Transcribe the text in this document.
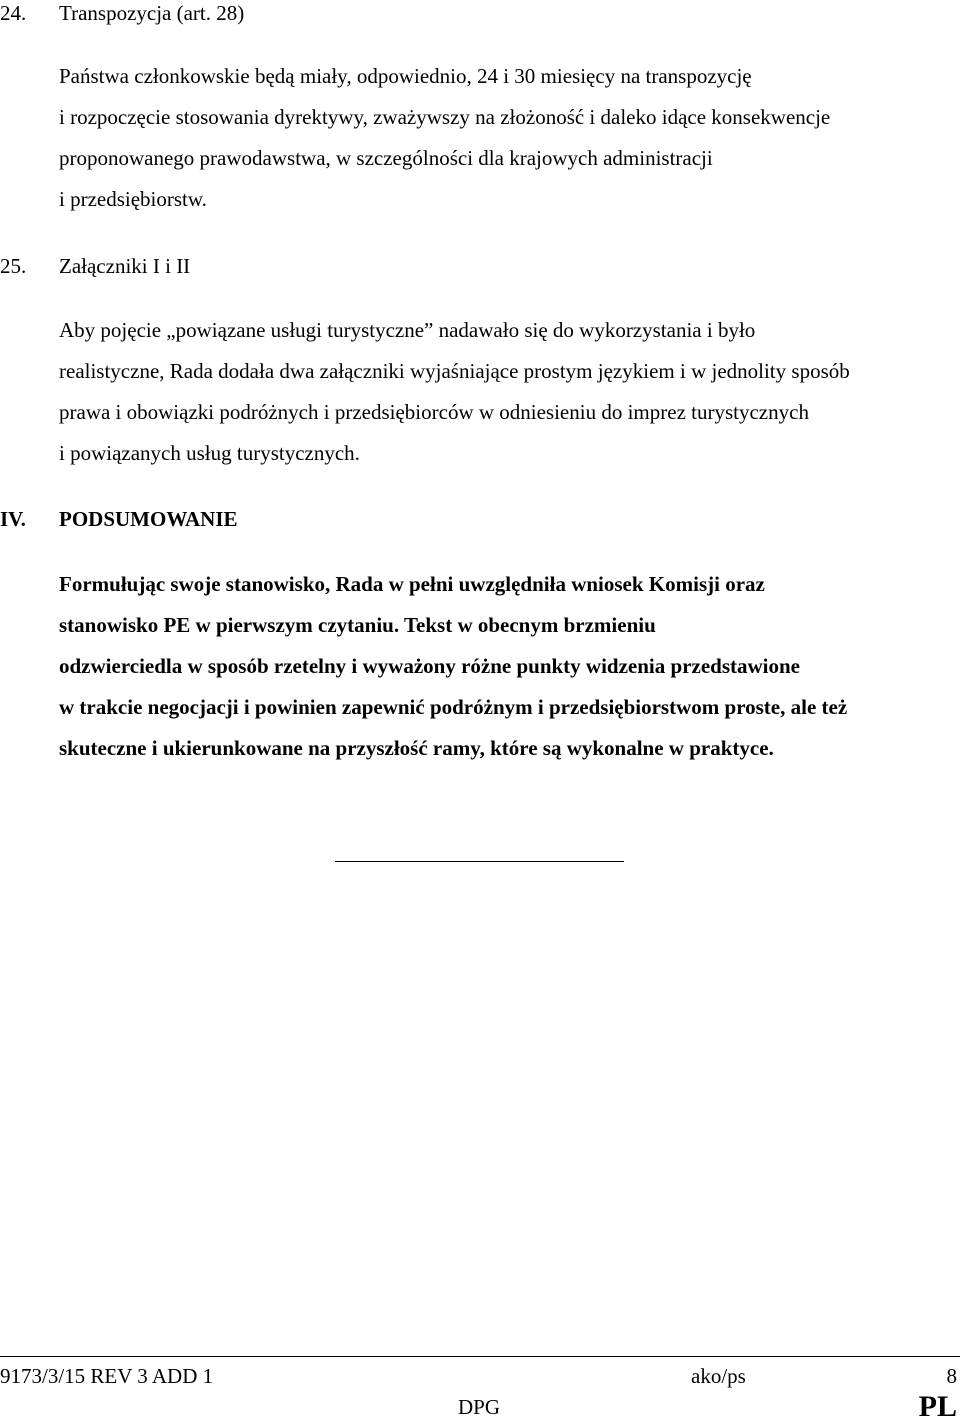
24. Transpozycja (art. 28)
Państwa członkowskie będą miały, odpowiednio, 24 i 30 miesięcy na transpozycję
i rozpoczęcie stosowania dyrektywy, zważywszy na złożoność i daleko idące konsekwencje
proponowanego prawodawstwa, w szczególności dla krajowych administracji
i przedsiębiorstw.
25. Załączniki I i II
Aby pojęcie „powiązane usługi turystyczne” nadawało się do wykorzystania i było
realistyczne, Rada dodała dwa załączniki wyjaśniające prostym językiem i w jednolity sposób
prawa i obowiązki podróżnych i przedsiębiorców w odniesieniu do imprez turystycznych
i powiązanych usług turystycznych.
IV. PODSUMOWANIE
Formułując swoje stanowisko, Rada w pełni uwzględniła wniosek Komisji oraz
stanowisko PE w pierwszym czytaniu. Tekst w obecnym brzmieniu
odzwierciedla w sposób rzetelny i wyważony różne punkty widzenia przedstawione
w trakcie negocjacji i powinien zapewnić podróżnym i przedsiębiorstwom proste, ale też
skuteczne i ukierunkowane na przyszłość ramy, które są wykonalne w praktyce.
9173/3/15 REV 3 ADD 1	ako/ps	8
DPG	PL
